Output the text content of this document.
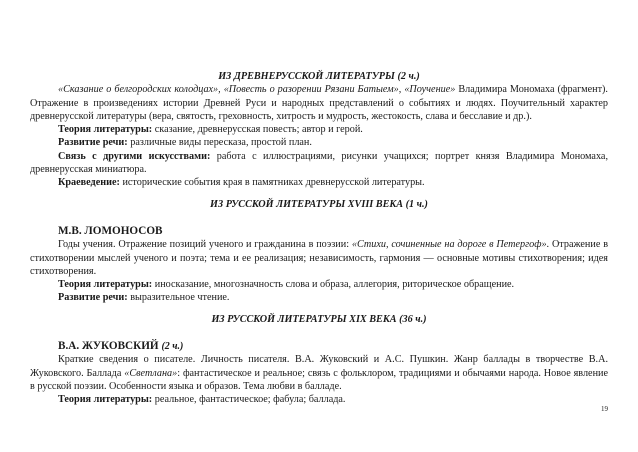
ИЗ ДРЕВНЕРУССКОЙ ЛИТЕРАТУРЫ (2 ч.)

«Сказание о белгородских колодцах», «Повесть о разорении Рязани Батыем», «Поучение» Владимира Мономаха (фрагмент). Отражение в произведениях истории Древней Руси и народных представлений о событиях и людях. Поучительный характер древнерусской литературы (вера, святость, греховность, хитрость и мудрость, жестокость, слава и бесславие и др.).

Теория литературы: сказание, древнерусская повесть; автор и герой.

Развитие речи: различные виды пересказа, простой план.

Связь с другими искусствами: работа с иллюстрациями, рисунки учащихся; портрет князя Владимира Мономаха, древнерусская миниатюра.

Краеведение: исторические события края в памятниках древнерусской литературы.

ИЗ РУССКОЙ ЛИТЕРАТУРЫ XVIII ВЕКА (1 ч.)

М.В. ЛОМОНОСОВ

Годы учения. Отражение позиций ученого и гражданина в поэзии: «Стихи, сочиненные на дороге в Петергоф». Отражение в стихотворении мыслей ученого и поэта; тема и ее реализация; независимость, гармония — основные мотивы стихотворения; идея стихотворения.

Теория литературы: иносказание, многозначность слова и образа, аллегория, риторическое обращение.

Развитие речи: выразительное чтение.

ИЗ РУССКОЙ ЛИТЕРАТУРЫ XIX ВЕКА (36 ч.)

В.А. ЖУКОВСКИЙ (2 ч.)

Краткие сведения о писателе. Личность писателя. В.А. Жуковский и А.С. Пушкин. Жанр баллады в творчестве В.А. Жуковского. Баллада «Светлана»: фантастическое и реальное; связь с фольклором, традициями и обычаями народа. Новое явление в русской поэзии. Особенности языка и образов. Тема любви в балладе.

Теория литературы: реальное, фантастическое; фабула; баллада.

19
